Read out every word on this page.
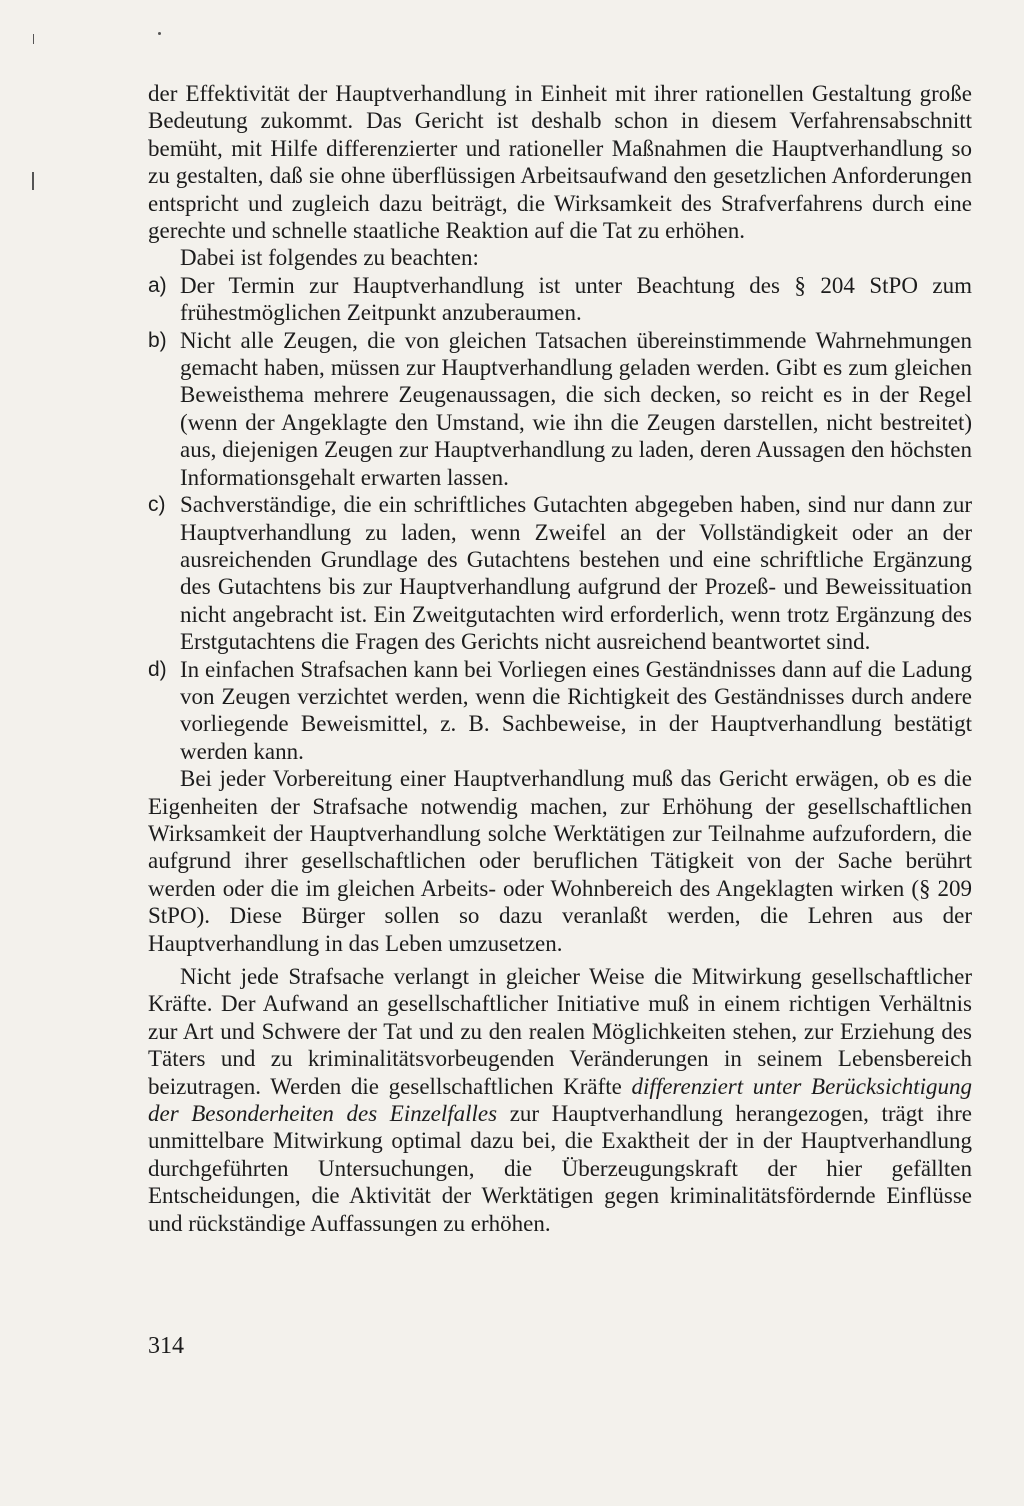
der Effektivität der Hauptverhandlung in Einheit mit ihrer rationellen Gestaltung große Bedeutung zukommt. Das Gericht ist deshalb schon in diesem Verfahrensabschnitt bemüht, mit Hilfe differenzierter und rationeller Maßnahmen die Hauptverhandlung so zu gestalten, daß sie ohne überflüssigen Arbeitsaufwand den gesetzlichen Anforderungen entspricht und zugleich dazu beiträgt, die Wirksamkeit des Strafverfahrens durch eine gerechte und schnelle staatliche Reaktion auf die Tat zu erhöhen.

Dabei ist folgendes zu beachten:

a) Der Termin zur Hauptverhandlung ist unter Beachtung des § 204 StPO zum frühestmöglichen Zeitpunkt anzuberaumen.
b) Nicht alle Zeugen, die von gleichen Tatsachen übereinstimmende Wahrnehmungen gemacht haben, müssen zur Hauptverhandlung geladen werden. Gibt es zum gleichen Beweisthema mehrere Zeugenaussagen, die sich decken, so reicht es in der Regel (wenn der Angeklagte den Umstand, wie ihn die Zeugen darstellen, nicht bestreitet) aus, diejenigen Zeugen zur Hauptverhandlung zu laden, deren Aussagen den höchsten Informationsgehalt erwarten lassen.
c) Sachverständige, die ein schriftliches Gutachten abgegeben haben, sind nur dann zur Hauptverhandlung zu laden, wenn Zweifel an der Vollständigkeit oder an der ausreichenden Grundlage des Gutachtens bestehen und eine schriftliche Ergänzung des Gutachtens bis zur Hauptverhandlung aufgrund der Prozeß- und Beweissituation nicht angebracht ist. Ein Zweitgutachten wird erforderlich, wenn trotz Ergänzung des Erstgutachtens die Fragen des Gerichts nicht ausreichend beantwortet sind.
d) In einfachen Strafsachen kann bei Vorliegen eines Geständnisses dann auf die Ladung von Zeugen verzichtet werden, wenn die Richtigkeit des Geständnisses durch andere vorliegende Beweismittel, z. B. Sachbeweise, in der Hauptverhandlung bestätigt werden kann.

Bei jeder Vorbereitung einer Hauptverhandlung muß das Gericht erwägen, ob es die Eigenheiten der Strafsache notwendig machen, zur Erhöhung der gesellschaftlichen Wirksamkeit der Hauptverhandlung solche Werktätigen zur Teilnahme aufzufordern, die aufgrund ihrer gesellschaftlichen oder beruflichen Tätigkeit von der Sache berührt werden oder die im gleichen Arbeits- oder Wohnbereich des Angeklagten wirken (§ 209 StPO). Diese Bürger sollen so dazu veranlaßt werden, die Lehren aus der Hauptverhandlung in das Leben umzusetzen.

Nicht jede Strafsache verlangt in gleicher Weise die Mitwirkung gesellschaftlicher Kräfte. Der Aufwand an gesellschaftlicher Initiative muß in einem richtigen Verhältnis zur Art und Schwere der Tat und zu den realen Möglichkeiten stehen, zur Erziehung des Täters und zu kriminalitätsvorbeugenden Veränderungen in seinem Lebensbereich beizutragen. Werden die gesellschaftlichen Kräfte differenziert unter Berücksichtigung der Besonderheiten des Einzelfalles zur Hauptverhandlung herangezogen, trägt ihre unmittelbare Mitwirkung optimal dazu bei, die Exaktheit der in der Hauptverhandlung durchgeführten Untersuchungen, die Überzeugungskraft der hier gefällten Entscheidungen, die Aktivität der Werktätigen gegen kriminalitätsfördernde Einflüsse und rückständige Auffassungen zu erhöhen.

314
